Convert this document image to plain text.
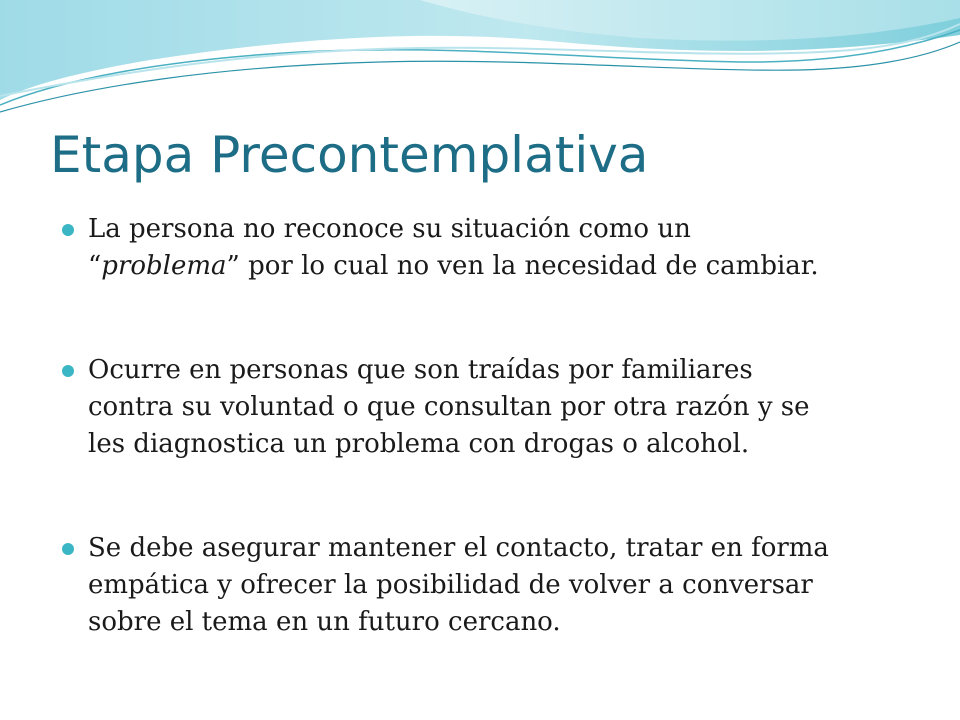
Etapa Precontemplativa
La persona no reconoce su situación como un
“problema” por lo cual no ven la necesidad de cambiar.
Ocurre en personas que son traídas por familiares
contra su voluntad o que consultan por otra razón y se
les diagnostica un problema con drogas o alcohol.
Se debe asegurar mantener el contacto, tratar en forma
empática y ofrecer la posibilidad de volver a conversar
sobre el tema en un futuro cercano.
